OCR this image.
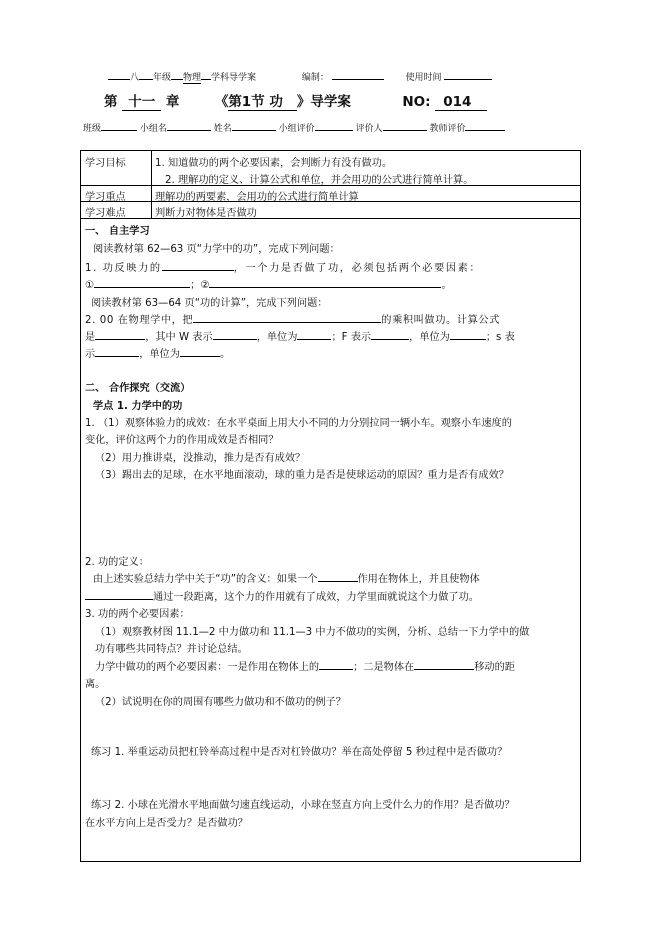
八 年级 物理 学科导学案	编制：	使用时间
第 十一 章	《第1节 功 》导学案	NO: 014
班级	小组名	姓名	小组评价	评价人	教师评价
学习目标	1. 知道做功的两个必要因素，会判断力有没有做功。
2. 理解功的定义、计算公式和单位，并会用功的公式进行简单计算。
学习重点	理解功的两要素，会用功的公式进行简单计算
学习难点	判断力对物体是否做功
一、 自主学习
阅读教材第 62—63 页“力学中的功”，完成下列问题：
1. 功反映力的	，一个力是否做了功，必须包括两个必要因素：
①	；②	。
阅读教材第 63—64 页“功的计算”，完成下列问题：
2. 00 在物理学中，把	的乘积叫做功。计算公式
是	，其中 W 表示	，单位为	；F 表示	，单位为	；s 表
示	，单位为	。
二、 合作探究（交流）
学点 1. 力学中的功
1. （1）观察体验力的成效：在水平桌面上用大小不同的力分别拉同一辆小车。观察小车速度的
变化，评价这两个力的作用成效是否相同？
（2）用力推讲桌，没推动，推力是否有成效？
（3）踢出去的足球，在水平地面滚动，球的重力是否是使球运动的原因？重力是否有成效？
2. 功的定义：
由上述实验总结力学中关于“功”的含义：如果一个	作用在物体上，并且使物体
通过一段距离，这个力的作用就有了成效，力学里面就说这个力做了功。
3. 功的两个必要因素：
（1）观察教材图 11.1—2 中力做功和 11.1—3 中力不做功的实例，分析、总结一下力学中的做
功有哪些共同特点？并讨论总结。
力学中做功的两个必要因素：一是作用在物体上的	；二是物体在	移动的距
离。
（2）试说明在你的周围有哪些力做功和不做功的例子？
练习 1. 举重运动员把杠铃举高过程中是否对杠铃做功？举在高处停留 5 秒过程中是否做功？
练习 2. 小球在光滑水平地面做匀速直线运动，小球在竖直方向上受什么力的作用？是否做功？
在水平方向上是否受力？是否做功？
